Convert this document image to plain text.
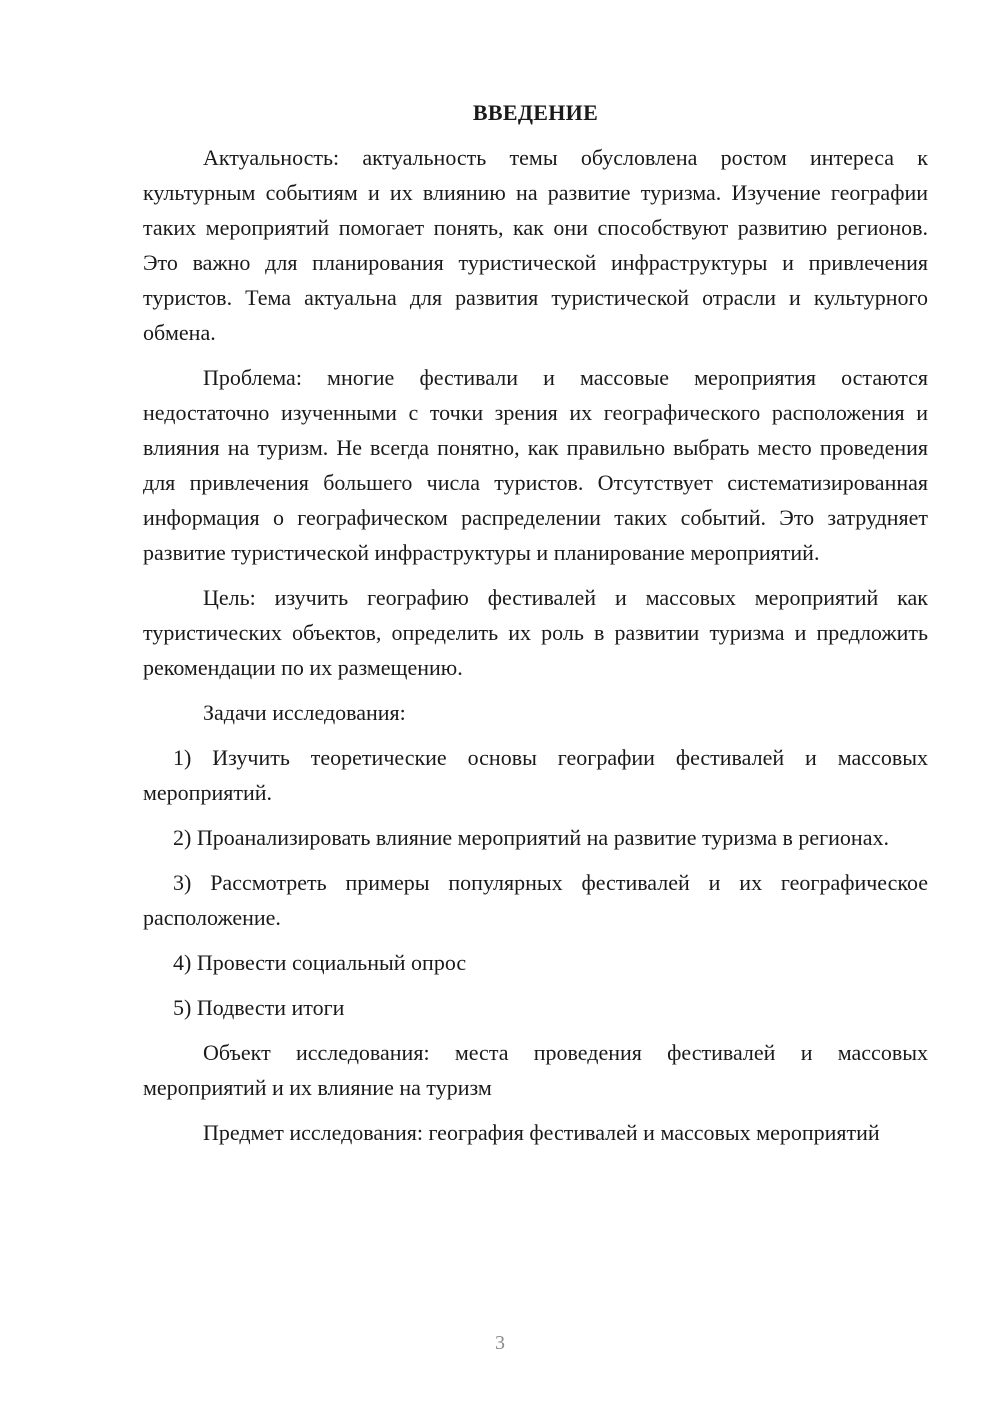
ВВЕДЕНИЕ

Актуальность: актуальность темы обусловлена ростом интереса к культурным событиям и их влиянию на развитие туризма. Изучение географии таких мероприятий помогает понять, как они способствуют развитию регионов. Это важно для планирования туристической инфраструктуры и привлечения туристов. Тема актуальна для развития туристической отрасли и культурного обмена.

Проблема: многие фестивали и массовые мероприятия остаются недостаточно изученными с точки зрения их географического расположения и влияния на туризм. Не всегда понятно, как правильно выбрать место проведения для привлечения большего числа туристов. Отсутствует систематизированная информация о географическом распределении таких событий. Это затрудняет развитие туристической инфраструктуры и планирование мероприятий.

Цель: изучить географию фестивалей и массовых мероприятий как туристических объектов, определить их роль в развитии туризма и предложить рекомендации по их размещению.

Задачи исследования:

1) Изучить теоретические основы географии фестивалей и массовых мероприятий.

2) Проанализировать влияние мероприятий на развитие туризма в регионах.

3) Рассмотреть примеры популярных фестивалей и их географическое расположение.

4) Провести социальный опрос

5) Подвести итоги

Объект исследования: места проведения фестивалей и массовых мероприятий и их влияние на туризм

Предмет исследования: география фестивалей и массовых мероприятий

3
